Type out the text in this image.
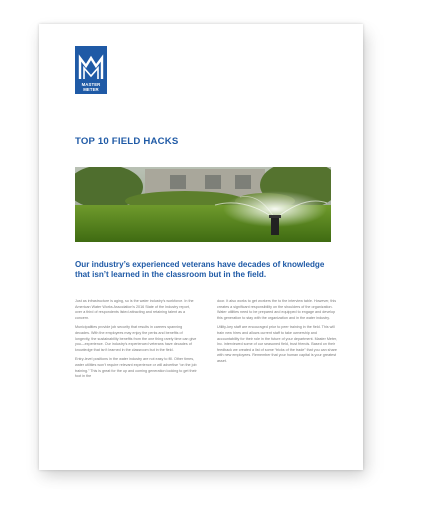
MASTER
METER
TOP 10 FIELD HACKS
Our industry’s experienced veterans have decades of knowledge that isn’t learned in the classroom but in the field.

Just as infrastructure is aging, so is the water industry’s workforce. In the American Water Works Association’s 2016 State of the Industry report, over a third of respondents listed attracting and retaining talent as a concern.

Municipalities provide job security that results in careers spanning decades. With the employees may enjoy the perks and benefits of longevity, the sustainability benefits from the one thing rarely time can give you—experience. Our industry’s experienced veterans have decades of knowledge that isn’t learned in the classroom but in the field.

Entry-level positions in the water industry are not easy to fill. Other times, water utilities won’t require relevant experience or will advertise “on the job training.” This is great for the up and coming generation looking to get their foot in the

door. It also works to get workers the to the interview table. However, this creates a significant responsibility on the shoulders of the organization. Water utilities need to be prepared and equipped to engage and develop this generation to stay with the organization and in the water industry.

Utility-key staff are encouraged prior to peer training in the field. This will train new hires and allows current staff to take ownership and accountability for their role in the future of your department. Master Meter, Inc. interviewed some of our seasoned field, trust friends. Based on their feedback we created a list of some “tricks of the trade” that you can share with new employees. Remember that your human capital is your greatest asset.
